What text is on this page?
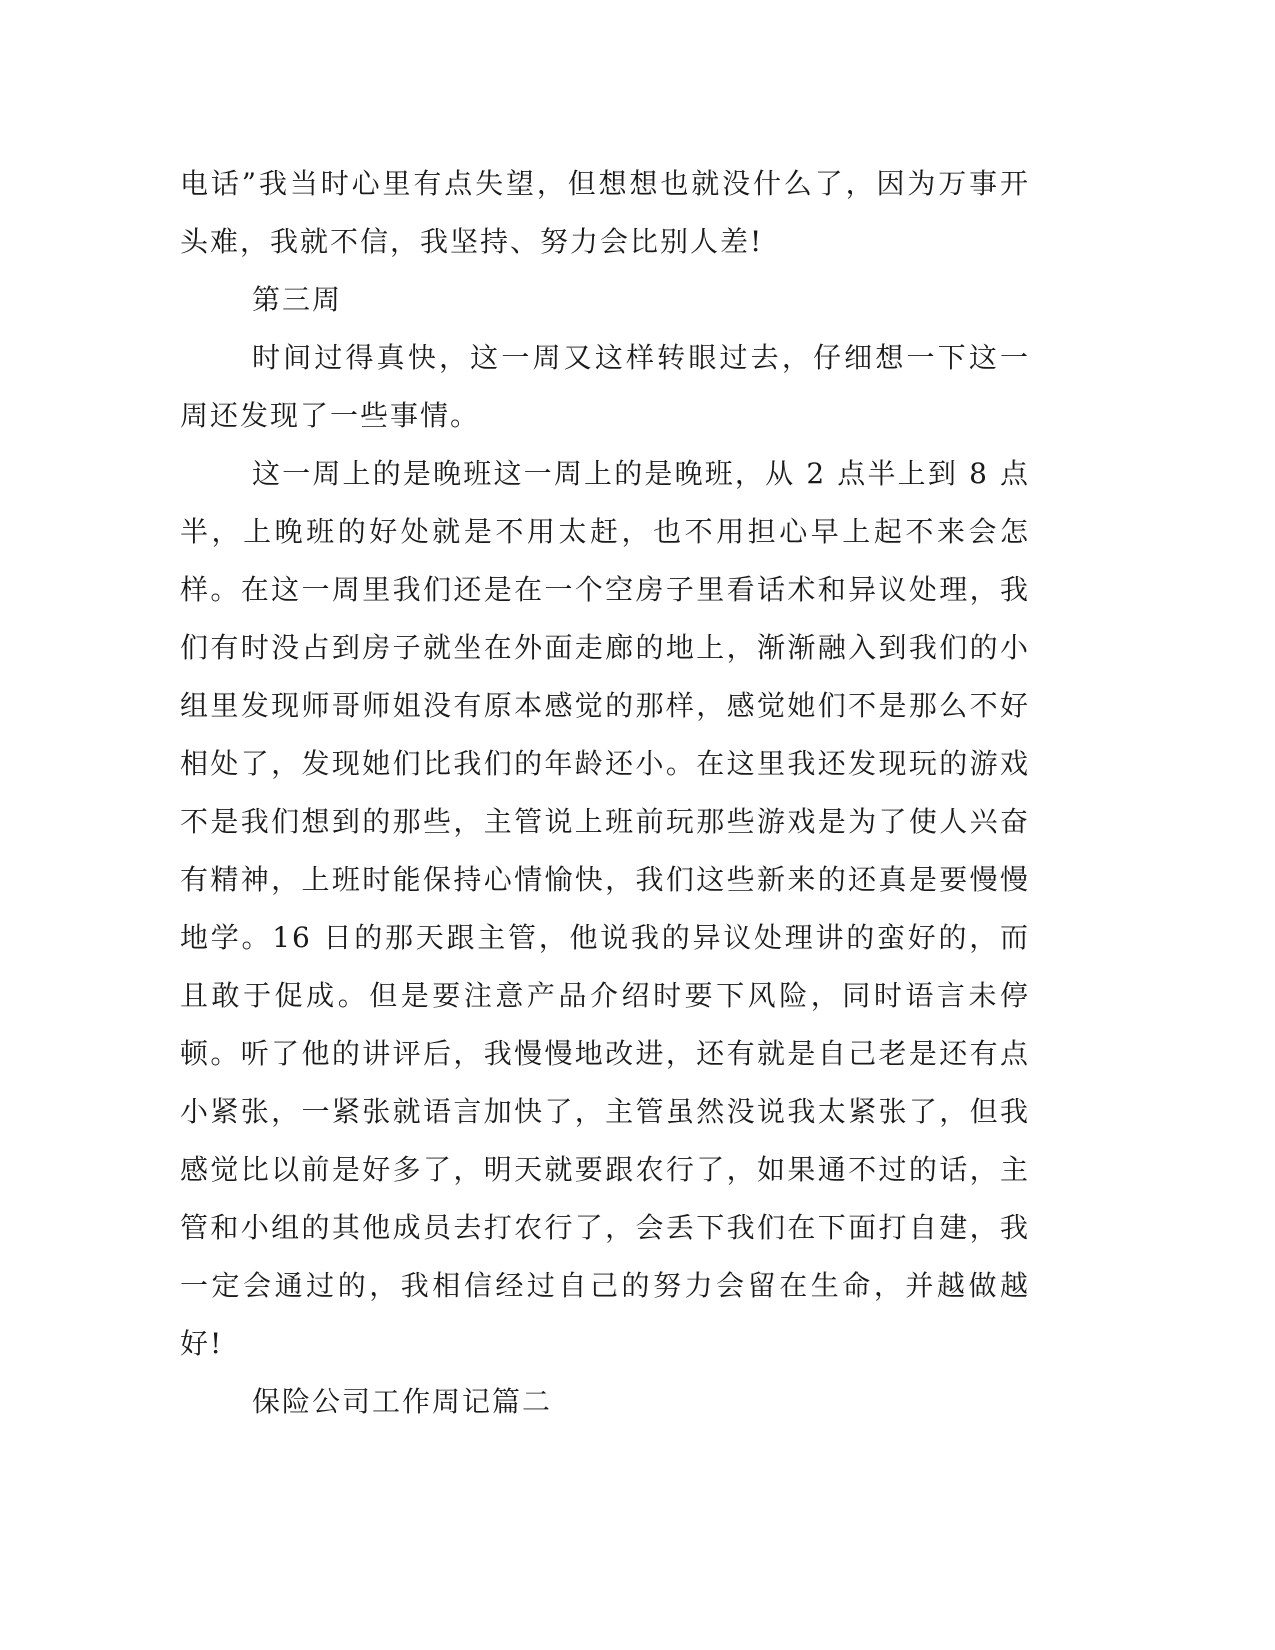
电话”我当时心里有点失望，但想想也就没什么了，因为万事开头难，我就不信，我坚持、努力会比别人差!

第三周

时间过得真快，这一周又这样转眼过去，仔细想一下这一周还发现了一些事情。

这一周上的是晚班这一周上的是晚班，从 2 点半上到 8 点半，上晚班的好处就是不用太赶，也不用担心早上起不来会怎样。在这一周里我们还是在一个空房子里看话术和异议处理，我们有时没占到房子就坐在外面走廊的地上，渐渐融入到我们的小组里发现师哥师姐没有原本感觉的那样，感觉她们不是那么不好相处了，发现她们比我们的年龄还小。在这里我还发现玩的游戏不是我们想到的那些，主管说上班前玩那些游戏是为了使人兴奋有精神，上班时能保持心情愉快，我们这些新来的还真是要慢慢地学。16 日的那天跟主管，他说我的异议处理讲的蛮好的，而且敢于促成。但是要注意产品介绍时要下风险，同时语言未停顿。听了他的讲评后，我慢慢地改进，还有就是自己老是还有点小紧张，一紧张就语言加快了，主管虽然没说我太紧张了，但我感觉比以前是好多了，明天就要跟农行了，如果通不过的话，主管和小组的其他成员去打农行了，会丢下我们在下面打自建，我一定会通过的，我相信经过自己的努力会留在生命，并越做越好!

保险公司工作周记篇二
